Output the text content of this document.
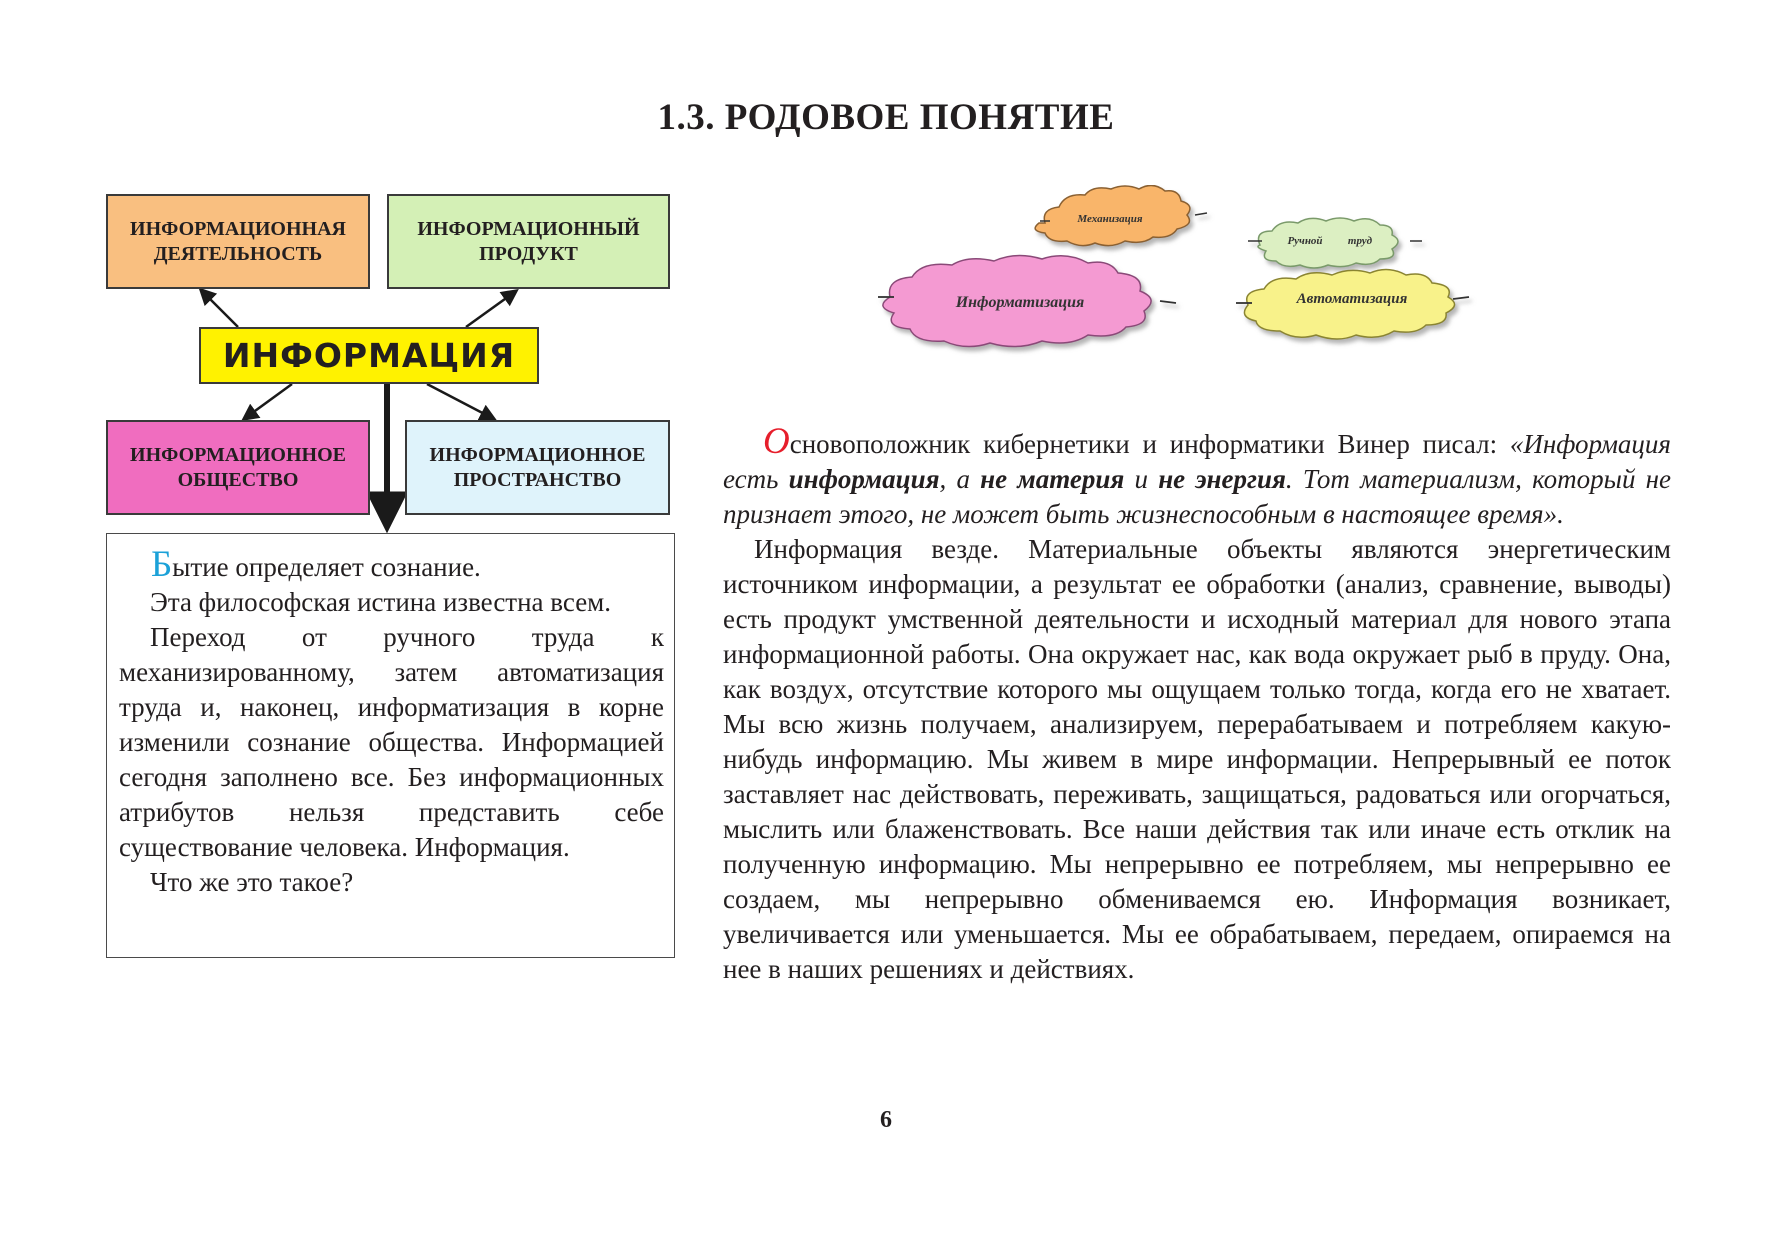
1.3. РОДОВОЕ ПОНЯТИЕ
ИНФОРМАЦИОННАЯ
ДЕЯТЕЛЬНОСТЬ
ИНФОРМАЦИОННЫЙ
ПРОДУКТ
ИНФОРМАЦИЯ
ИНФОРМАЦИОННОЕ
ОБЩЕСТВО
ИНФОРМАЦИОННОЕ
ПРОСТРАНСТВО

Бытие определяет сознание.

Эта философская истина известна всем.

Переход от ручного труда к механизированному, затем автоматизация труда и, наконец, информатизация в корне изменили сознание общества. Информацией сегодня заполнено все. Без информационных атрибутов нельзя представить себе существование человека. Информация.

Что же это такое?

Механизация
Ручной труд
Информатизация	Автоматизация

Основоположник кибернетики и информатики Винер писал: «Информация есть информация, а не материя и не энергия. Тот материализм, который не признает этого, не может быть жизнеспособным в настоящее время».

Информация везде. Материальные объекты являются энергетическим источником информации, а результат ее обработки (анализ, сравнение, выводы) есть продукт умственной деятельности и исходный материал для нового этапа информационной работы. Она окружает нас, как вода окружает рыб в пруду. Она, как воздух, отсутствие которого мы ощущаем только тогда, когда его не хватает. Мы всю жизнь получаем, анализируем, перерабатываем и потребляем какую-нибудь информацию. Мы живем в мире информации. Непрерывный ее поток заставляет нас действовать, переживать, защищаться, радоваться или огорчаться, мыслить или блаженствовать. Все наши действия так или иначе есть отклик на полученную информацию. Мы непрерывно ее потребляем, мы непрерывно ее создаем, мы непрерывно обмениваемся ею. Информация возникает, увеличивается или уменьшается. Мы ее обрабатываем, передаем, опираемся на нее в наших решениях и действиях.

6
